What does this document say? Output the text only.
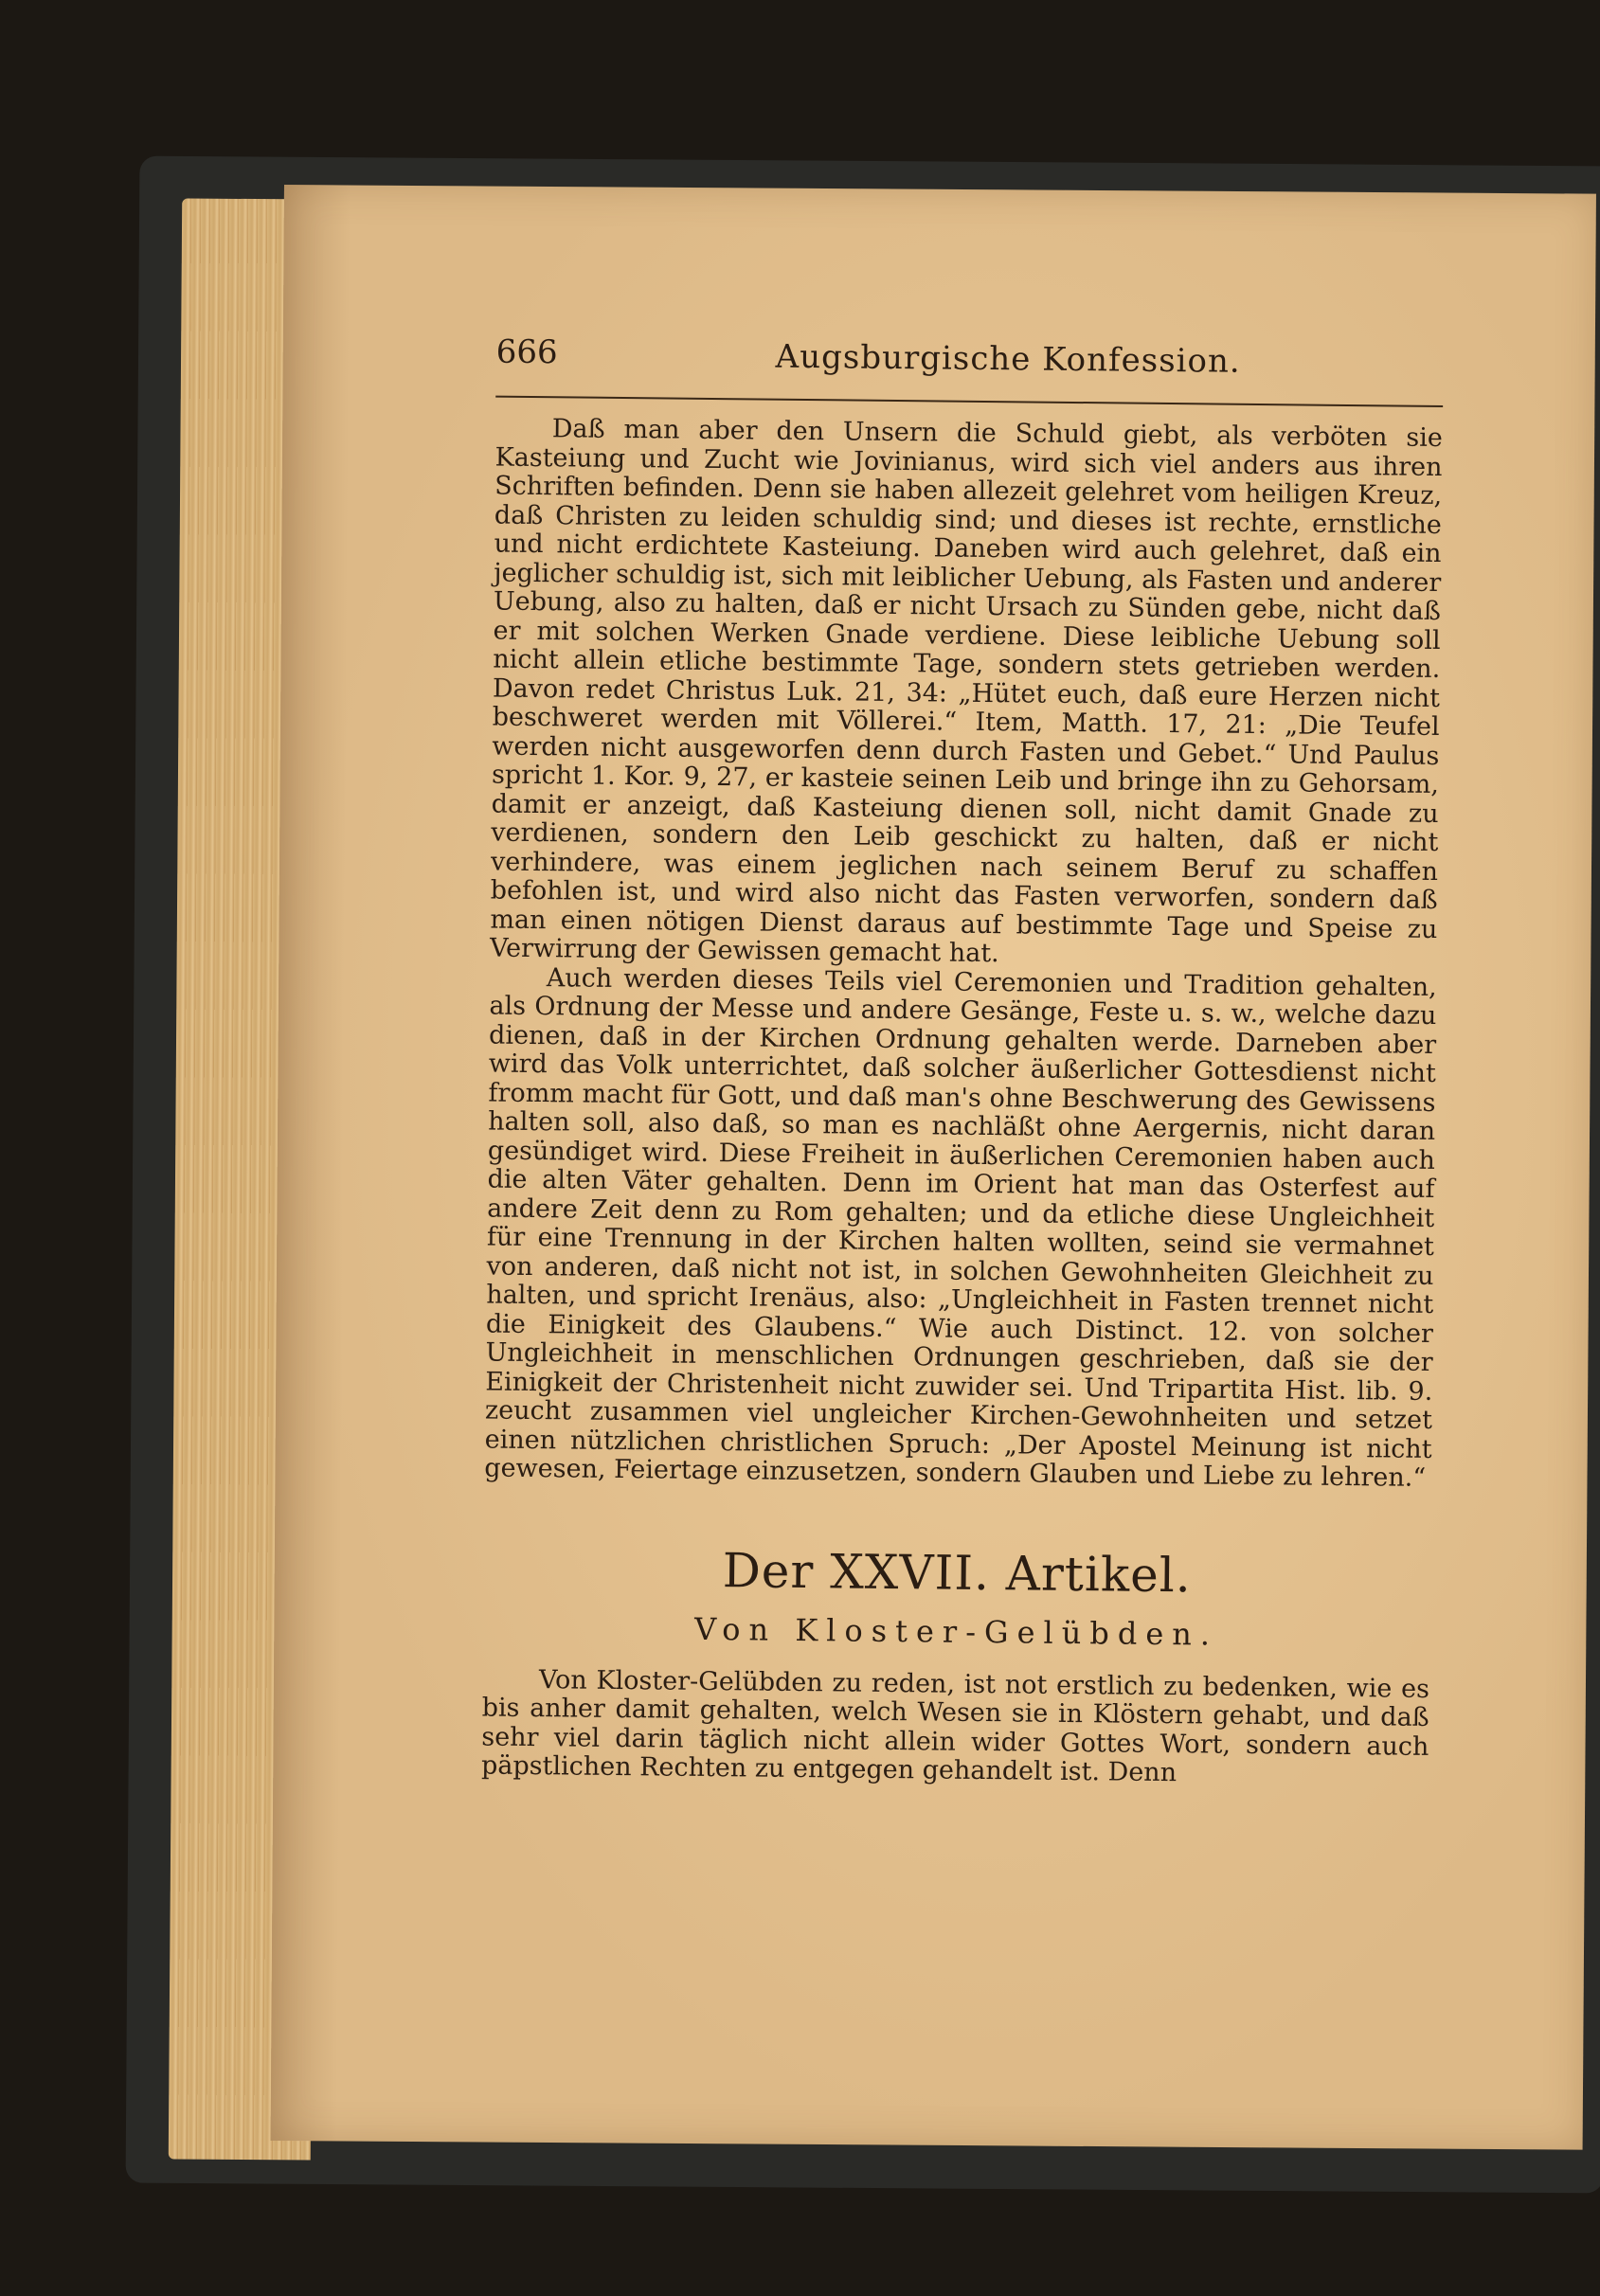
666	Augsburgische Konfession.

Daß man aber den Unsern die Schuld giebt, als verböten sie Kasteiung und Zucht wie Jovinianus, wird sich viel anders aus ihren Schriften befinden. Denn sie haben allezeit gelehret vom heiligen Kreuz, daß Christen zu leiden schuldig sind; und dieses ist rechte, ernstliche und nicht erdichtete Kasteiung. Daneben wird auch gelehret, daß ein jeglicher schuldig ist, sich mit leiblicher Uebung, als Fasten und anderer Uebung, also zu halten, daß er nicht Ursach zu Sünden gebe, nicht daß er mit solchen Werken Gnade verdiene. Diese leibliche Uebung soll nicht allein etliche bestimmte Tage, sondern stets getrieben werden. Davon redet Christus Luk. 21, 34: „Hütet euch, daß eure Herzen nicht beschweret werden mit Völlerei.“ Item, Matth. 17, 21: „Die Teufel werden nicht ausgeworfen denn durch Fasten und Gebet.“ Und Paulus spricht 1. Kor. 9, 27, er kasteie seinen Leib und bringe ihn zu Gehorsam, damit er anzeigt, daß Kasteiung dienen soll, nicht damit Gnade zu verdienen, sondern den Leib geschickt zu halten, daß er nicht verhindere, was einem jeglichen nach seinem Beruf zu schaffen befohlen ist, und wird also nicht das Fasten verworfen, sondern daß man einen nötigen Dienst daraus auf bestimmte Tage und Speise zu Verwirrung der Gewissen gemacht hat.

Auch werden dieses Teils viel Ceremonien und Tradition gehalten, als Ordnung der Messe und andere Gesänge, Feste u. s. w., welche dazu dienen, daß in der Kirchen Ordnung gehalten werde. Darneben aber wird das Volk unterrichtet, daß solcher äußerlicher Gottesdienst nicht fromm macht für Gott, und daß man's ohne Beschwerung des Gewissens halten soll, also daß, so man es nachläßt ohne Aergernis, nicht daran gesündiget wird. Diese Freiheit in äußerlichen Ceremonien haben auch die alten Väter gehalten. Denn im Orient hat man das Osterfest auf andere Zeit denn zu Rom gehalten; und da etliche diese Ungleichheit für eine Trennung in der Kirchen halten wollten, seind sie vermahnet von anderen, daß nicht not ist, in solchen Gewohnheiten Gleichheit zu halten, und spricht Irenäus, also: „Ungleichheit in Fasten trennet nicht die Einigkeit des Glaubens.“ Wie auch Distinct. 12. von solcher Ungleichheit in menschlichen Ordnungen geschrieben, daß sie der Einigkeit der Christenheit nicht zuwider sei. Und Tripartita Hist. lib. 9. zeucht zusammen viel ungleicher Kirchen-Gewohnheiten und setzet einen nützlichen christlichen Spruch: „Der Apostel Meinung ist nicht gewesen, Feiertage einzusetzen, sondern Glauben und Liebe zu lehren.“

Der XXVII. Artikel.
Von Kloster-Gelübden.

Von Kloster-Gelübden zu reden, ist not erstlich zu bedenken, wie es bis anher damit gehalten, welch Wesen sie in Klöstern gehabt, und daß sehr viel darin täglich nicht allein wider Gottes Wort, sondern auch päpstlichen Rechten zu entgegen gehandelt ist. Denn
